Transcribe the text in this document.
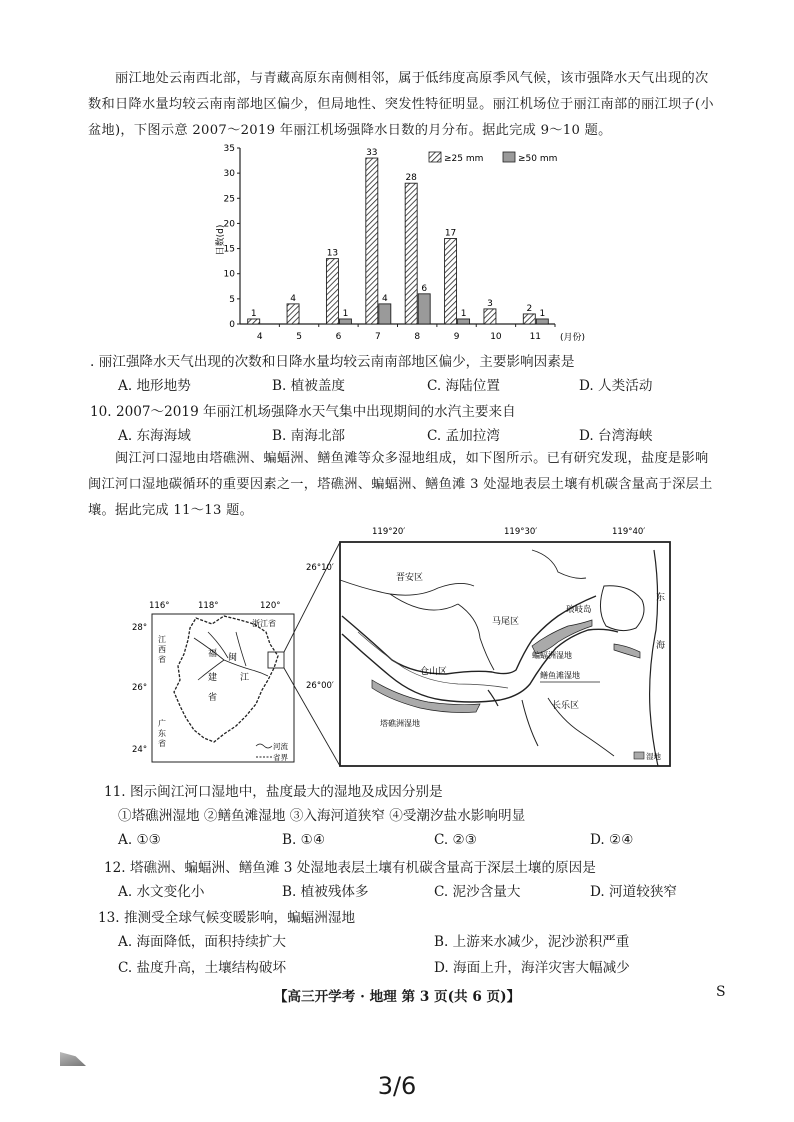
丽江地处云南西北部，与青藏高原东南侧相邻，属于低纬度高原季风气候，该市强降水天气出现的次数和日降水量均较云南南部地区偏少，但局地性、突发性特征明显。丽江机场位于丽江南部的丽江坝子(小盆地)，下图示意 2007～2019 年丽江机场强降水日数的月分布。据此完成 9～10 题。
0
5
10
15
20
25
30
35
1
4
13
1
33
4
28
6
17
1
3
2
1
4	5	6	7	8	9	10	11
日数(d)
(月份)
≥25 mm	≥50 mm
. 丽江强降水天气出现的次数和日降水量均较云南南部地区偏少，主要影响因素是
A. 地形地势	B. 植被盖度	C. 海陆位置	D. 人类活动
10. 2007～2019 年丽江机场强降水天气集中出现期间的水汽主要来自
A. 东海海域	B. 南海北部	C. 孟加拉湾	D. 台湾海峡
闽江河口湿地由塔礁洲、蝙蝠洲、鳝鱼滩等众多湿地组成，如下图所示。已有研究发现，盐度是影响闽江河口湿地碳循环的重要因素之一，塔礁洲、蝙蝠洲、鳝鱼滩 3 处湿地表层土壤有机碳含量高于深层土壤。据此完成 11～13 题。
116°	118°	120°
28°
26°
24°
江
西
省
浙江省
福
建
省
闽
江
广
东
省	河流
省界
119°20′	119°30′	119°40′
26°10′
26°00′
晋安区
马尾区
仓山区
长乐区
琅岐岛
东
海
蝙蝠洲湿地
鳝鱼滩湿地
塔礁洲湿地
湿地
11. 图示闽江河口湿地中，盐度最大的湿地及成因分别是
①塔礁洲湿地 ②鳝鱼滩湿地 ③入海河道狭窄 ④受潮汐盐水影响明显
A. ①③	B. ①④	C. ②③	D. ②④
12. 塔礁洲、蝙蝠洲、鳝鱼滩 3 处湿地表层土壤有机碳含量高于深层土壤的原因是
A. 水文变化小	B. 植被残体多	C. 泥沙含量大	D. 河道较狭窄
13. 推测受全球气候变暖影响，蝙蝠洲湿地
A. 海面降低，面积持续扩大	B. 上游来水减少，泥沙淤积严重
C. 盐度升高，土壤结构破坏	D. 海面上升，海洋灾害大幅减少
【高三开学考 · 地理 第 3 页(共 6 页)】	S
3/6
